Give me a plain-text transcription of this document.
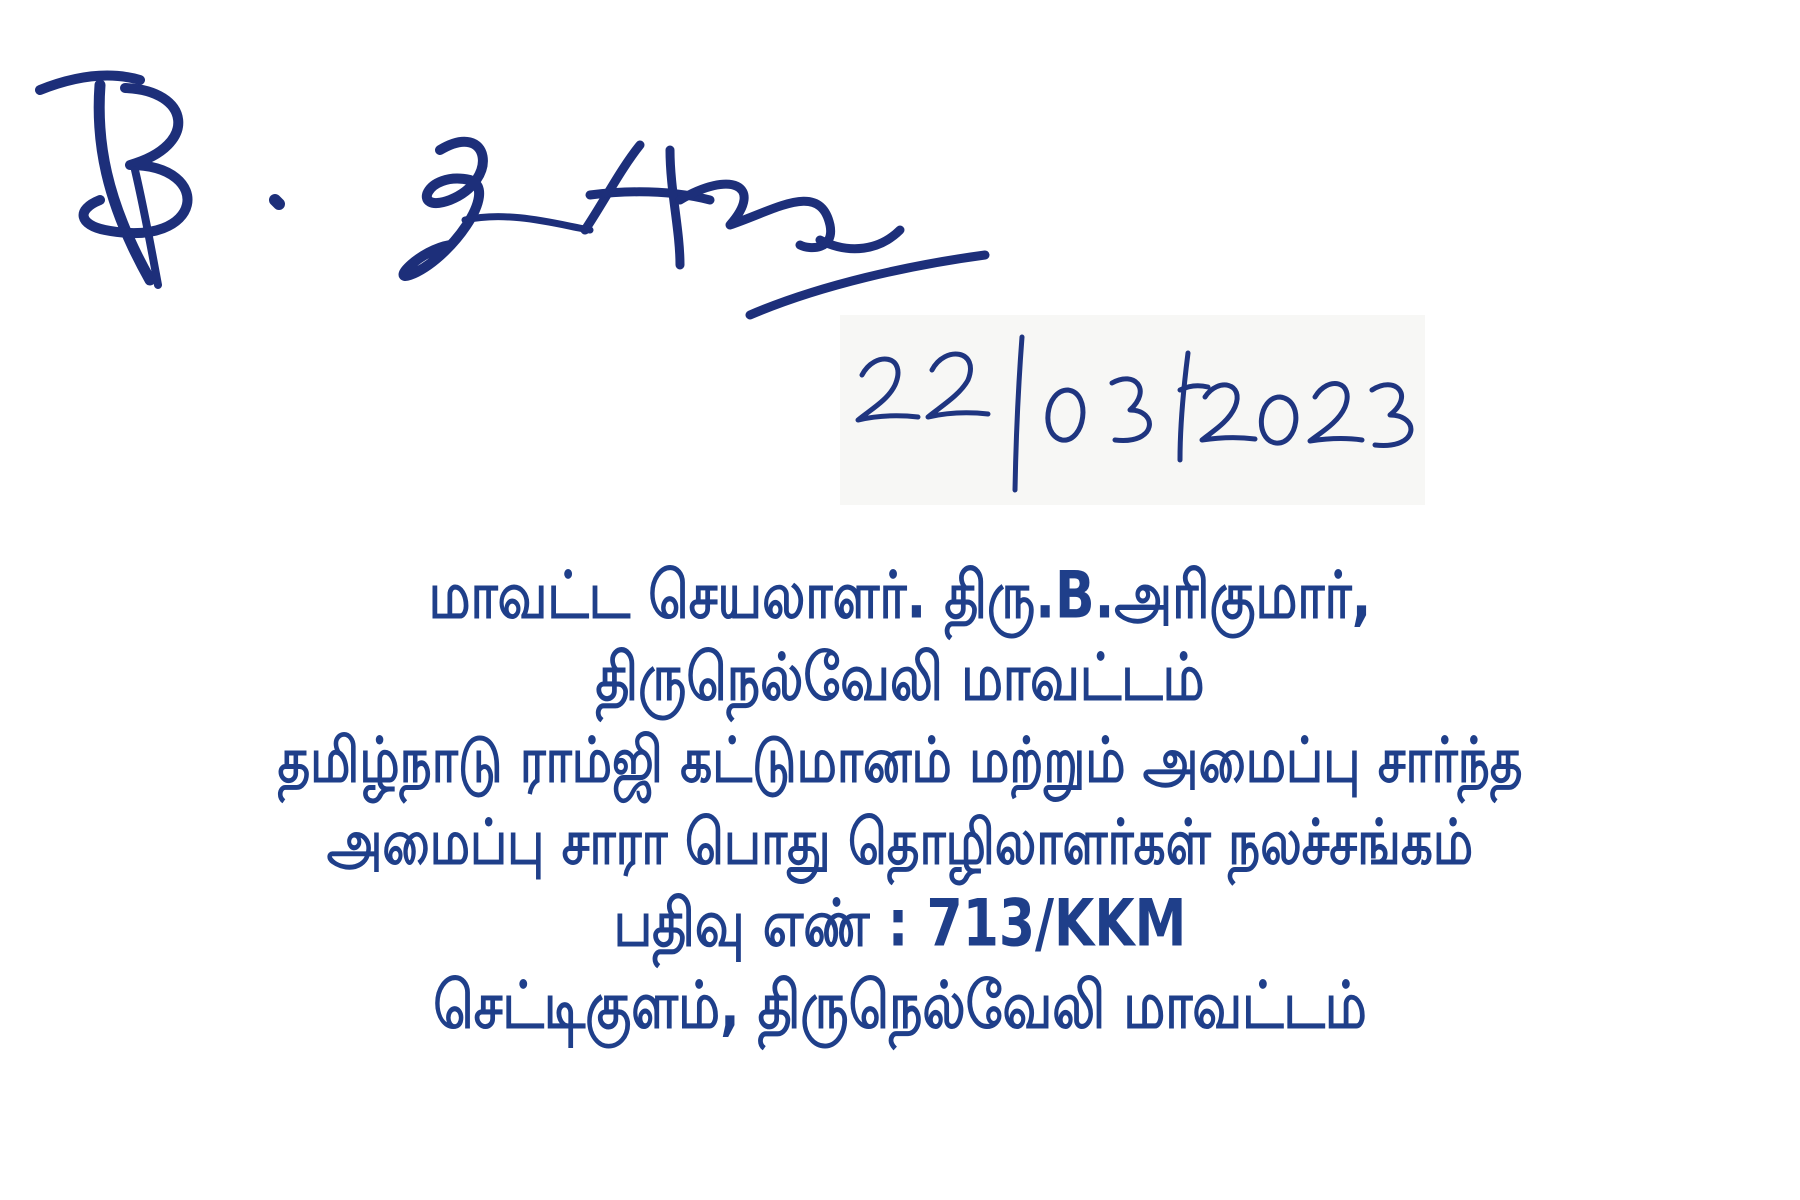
மாவட்ட செயலாளர். திரு.B.அரிகுமார்,
திருநெல்வேலி மாவட்டம்
தமிழ்நாடு ராம்ஜி கட்டுமானம் மற்றும் அமைப்பு சார்ந்த
அமைப்பு சாரா பொது தொழிலாளர்கள் நலச்சங்கம்
பதிவு எண் : 713/KKM
செட்டிகுளம், திருநெல்வேலி மாவட்டம்
